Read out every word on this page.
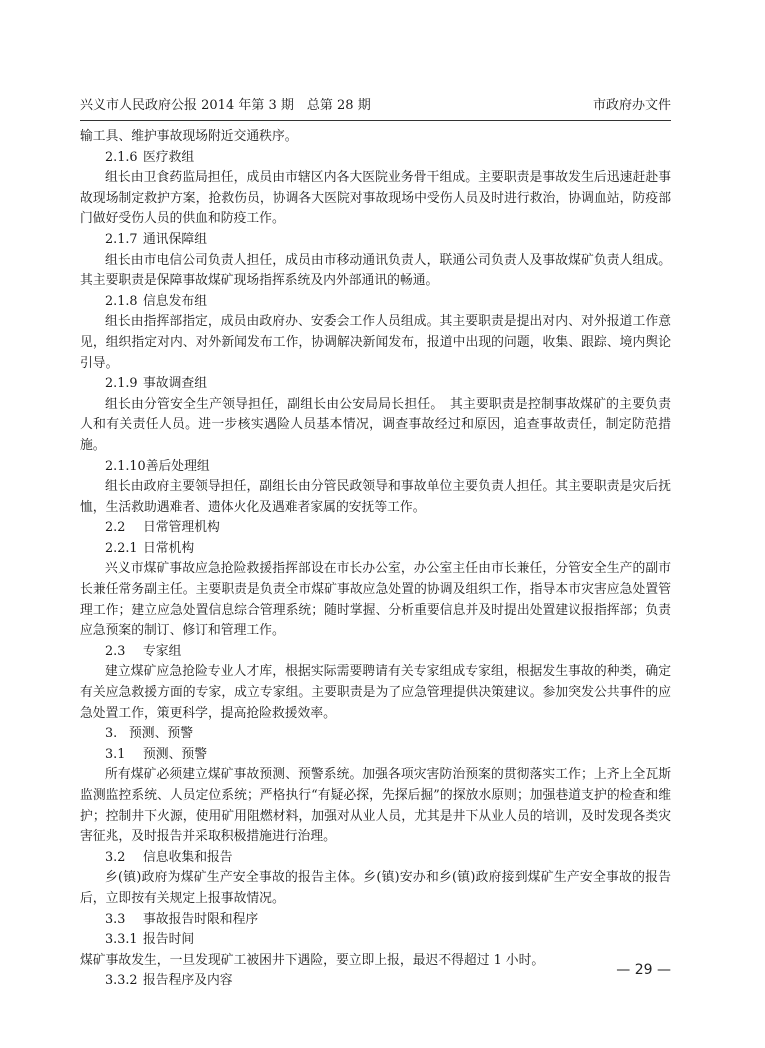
兴义市人民政府公报 2014 年第 3 期　总第 28 期	市政府办文件

输工具、维护事故现场附近交通秩序。

2.1.6 医疗救组

组长由卫食药监局担任，成员由市辖区内各大医院业务骨干组成。主要职责是事故发生后迅速赶赴事故现场制定救护方案，抢救伤员，协调各大医院对事故现场中受伤人员及时进行救治，协调血站，防疫部门做好受伤人员的供血和防疫工作。

2.1.7 通讯保障组

组长由市电信公司负责人担任，成员由市移动通讯负责人，联通公司负责人及事故煤矿负责人组成。其主要职责是保障事故煤矿现场指挥系统及内外部通讯的畅通。

2.1.8 信息发布组

组长由指挥部指定，成员由政府办、安委会工作人员组成。其主要职责是提出对内、对外报道工作意见，组织指定对内、对外新闻发布工作，协调解决新闻发布，报道中出现的问题，收集、跟踪、境内舆论引导。

2.1.9 事故调查组

组长由分管安全生产领导担任，副组长由公安局局长担任。　其主要职责是控制事故煤矿的主要负责人和有关责任人员。进一步核实遇险人员基本情况，调查事故经过和原因，追查事故责任，制定防范措施。

2.1.10善后处理组

组长由政府主要领导担任，副组长由分管民政领导和事故单位主要负责人担任。其主要职责是灾后抚恤，生活救助遇难者、遗体火化及遇难者家属的安抚等工作。

2.2 日常管理机构

2.2.1 日常机构

兴义市煤矿事故应急抢险救援指挥部设在市长办公室，办公室主任由市长兼任，分管安全生产的副市长兼任常务副主任。主要职责是负责全市煤矿事故应急处置的协调及组织工作，指导本市灾害应急处置管理工作；建立应急处置信息综合管理系统；随时掌握、分析重要信息并及时提出处置建议报指挥部；负责应急预案的制订、修订和管理工作。

2.3 专家组

建立煤矿应急抢险专业人才库，根据实际需要聘请有关专家组成专家组，根据发生事故的种类，确定有关应急救援方面的专家，成立专家组。主要职责是为了应急管理提供决策建议。参加突发公共事件的应急处置工作，策更科学，提高抢险救援效率。

3. 预测、预警

3.1 预测、预警

所有煤矿必须建立煤矿事故预测、预警系统。加强各项灾害防治预案的贯彻落实工作；上齐上全瓦斯监测监控系统、人员定位系统；严格执行“有疑必探，先探后掘”的探放水原则；加强巷道支护的检查和维护；控制井下火源，使用矿用阻燃材料，加强对从业人员，尤其是井下从业人员的培训，及时发现各类灾害征兆，及时报告并采取积极措施进行治理。

3.2 信息收集和报告

乡(镇)政府为煤矿生产安全事故的报告主体。乡(镇)安办和乡(镇)政府接到煤矿生产安全事故的报告后，立即按有关规定上报事故情况。

3.3 事故报告时限和程序

3.3.1 报告时间

煤矿事故发生，一旦发现矿工被困井下遇险，要立即上报，最迟不得超过 1 小时。

3.3.2 报告程序及内容

— 29 —
